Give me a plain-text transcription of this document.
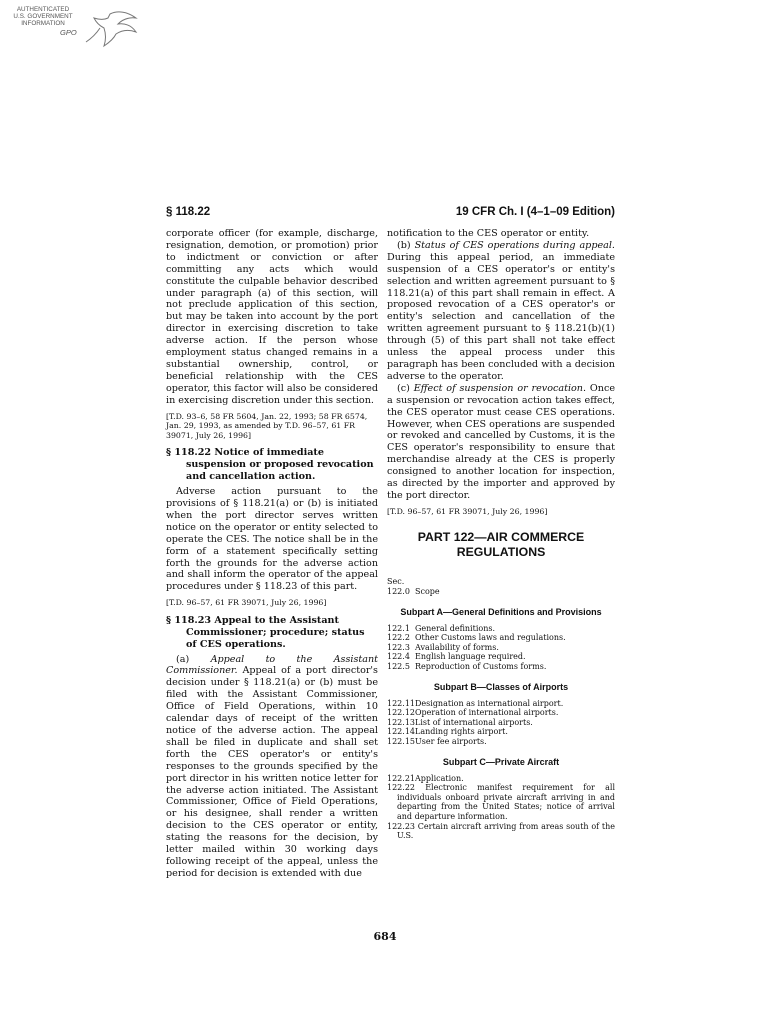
AUTHENTICATED
U.S. GOVERNMENT
INFORMATION
GPO
§ 118.22	19 CFR Ch. I (4–1–09 Edition)

corporate officer (for example, discharge, resignation, demotion, or promotion) prior to indictment or conviction or after committing any acts which would constitute the culpable behavior described under paragraph (a) of this section, will not preclude application of this section, but may be taken into account by the port director in exercising discretion to take adverse action. If the person whose employment status changed remains in a substantial ownership, control, or beneficial relationship with the CES operator, this factor will also be considered in exercising discretion under this section.

[T.D. 93–6, 58 FR 5604, Jan. 22, 1993; 58 FR 6574, Jan. 29, 1993, as amended by T.D. 96–57, 61 FR 39071, July 26, 1996]

§ 118.22 Notice of immediate suspension or proposed revocation and cancellation action.

Adverse action pursuant to the provisions of § 118.21(a) or (b) is initiated when the port director serves written notice on the operator or entity selected to operate the CES. The notice shall be in the form of a statement specifically setting forth the grounds for the adverse action and shall inform the operator of the appeal procedures under § 118.23 of this part.

[T.D. 96–57, 61 FR 39071, July 26, 1996]

§ 118.23 Appeal to the Assistant Commissioner; procedure; status of CES operations.

(a) Appeal to the Assistant Commissioner. Appeal of a port director's decision under § 118.21(a) or (b) must be filed with the Assistant Commissioner, Office of Field Operations, within 10 calendar days of receipt of the written notice of the adverse action. The appeal shall be filed in duplicate and shall set forth the CES operator's or entity's responses to the grounds specified by the port director in his written notice letter for the adverse action initiated. The Assistant Commissioner, Office of Field Operations, or his designee, shall render a written decision to the CES operator or entity, stating the reasons for the decision, by letter mailed within 30 working days following receipt of the appeal, unless the period for decision is extended with due

notification to the CES operator or entity.

(b) Status of CES operations during appeal. During this appeal period, an immediate suspension of a CES operator's or entity's selection and written agreement pursuant to § 118.21(a) of this part shall remain in effect. A proposed revocation of a CES operator's or entity's selection and cancellation of the written agreement pursuant to § 118.21(b)(1) through (5) of this part shall not take effect unless the appeal process under this paragraph has been concluded with a decision adverse to the operator.

(c) Effect of suspension or revocation. Once a suspension or revocation action takes effect, the CES operator must cease CES operations. However, when CES operations are suspended or revoked and cancelled by Customs, it is the CES operator's responsibility to ensure that merchandise already at the CES is properly consigned to another location for inspection, as directed by the importer and approved by the port director.

[T.D. 96–57, 61 FR 39071, July 26, 1996]

PART 122—AIR COMMERCE
REGULATIONS

Sec.

122.0 Scope

Subpart A—General Definitions and Provisions

122.1 General definitions.
122.2 Other Customs laws and regulations.
122.3 Availability of forms.
122.4 English language required.
122.5 Reproduction of Customs forms.

Subpart B—Classes of Airports

122.11 Designation as international airport.
122.12 Operation of international airports.
122.13 List of international airports.
122.14 Landing rights airport.
122.15 User fee airports.

Subpart C—Private Aircraft

122.21 Application.
122.22 Electronic manifest requirement for all individuals onboard private aircraft arriving in and departing from the United States; notice of arrival and departure information.
122.23 Certain aircraft arriving from areas south of the U.S.
684
